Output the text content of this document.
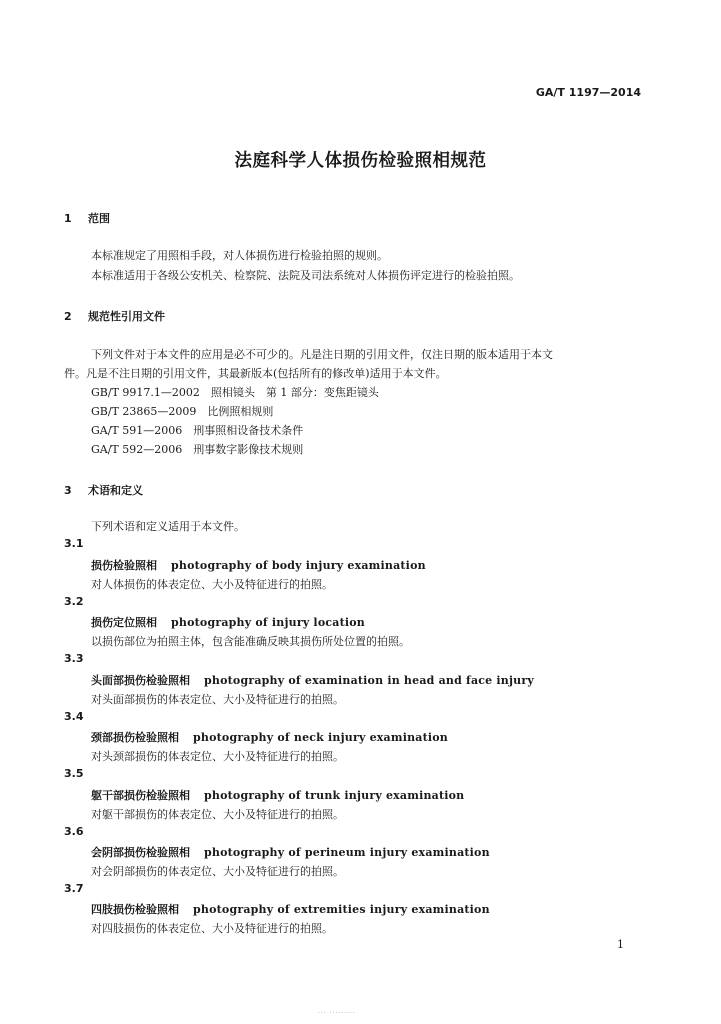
GA/T 1197—2014
法庭科学人体损伤检验照相规范
1 范围
本标准规定了用照相手段，对人体损伤进行检验拍照的规则。
本标准适用于各级公安机关、检察院、法院及司法系统对人体损伤评定进行的检验拍照。
2 规范性引用文件
下列文件对于本文件的应用是必不可少的。凡是注日期的引用文件，仅注日期的版本适用于本文
件。凡是不注日期的引用文件，其最新版本(包括所有的修改单)适用于本文件。
GB/T 9917.1—2002　照相镜头　第 1 部分：变焦距镜头
GB/T 23865—2009　比例照相规则
GA/T 591—2006　刑事照相设备技术条件
GA/T 592—2006　刑事数字影像技术规则
3 术语和定义
下列术语和定义适用于本文件。
3.1
损伤检验照相 photography of body injury examination
对人体损伤的体表定位、大小及特征进行的拍照。
3.2
损伤定位照相 photography of injury location
以损伤部位为拍照主体，包含能准确反映其损伤所处位置的拍照。
3.3
头面部损伤检验照相 photography of examination in head and face injury
对头面部损伤的体表定位、大小及特征进行的拍照。
3.4
颈部损伤检验照相 photography of neck injury examination
对头颈部损伤的体表定位、大小及特征进行的拍照。
3.5
躯干部损伤检验照相 photography of trunk injury examination
对躯干部损伤的体表定位、大小及特征进行的拍照。
3.6
会阴部损伤检验照相 photography of perineum injury examination
对会阴部损伤的体表定位、大小及特征进行的拍照。
3.7
四肢损伤检验照相 photography of extremities injury examination
对四肢损伤的体表定位、大小及特征进行的拍照。
1
··· ·········
